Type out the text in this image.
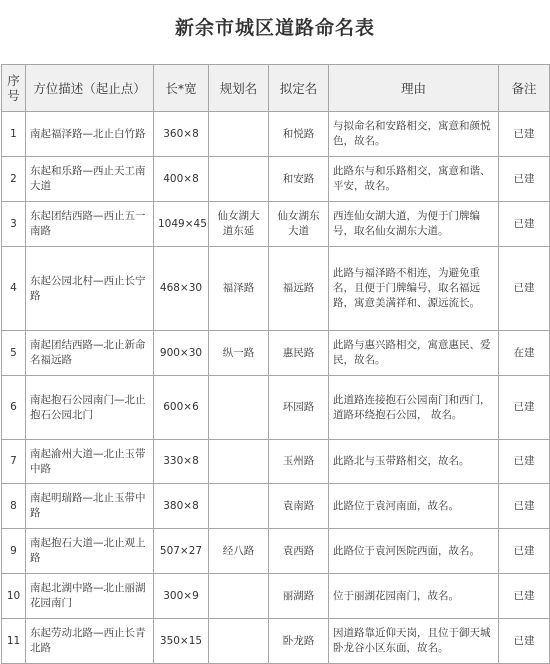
新余市城区道路命名表
序号	方位描述（起止点）	长*宽	规划名	拟定名	理由	备注
1	南起福泽路—北止白竹路	360×8		和悦路	与拟命名和安路相交，寓意和颜悦色，故名。	已建
2	东起和乐路—西止天工南大道	400×8		和安路	此路东与和乐路相交，寓意和谐、平安，故名。	已建
3	东起团结西路—西止五一南路	1049×45	仙女湖大道东延	仙女湖东大道	西连仙女湖大道，为便于门牌编号，取名仙女湖东大道。	已建
4	东起公园北村—西止长宁路	468×30	福泽路	福远路	此路与福泽路不相连，为避免重名，且便于门牌编号，取名福远路，寓意美满祥和、源远流长。	已建
5	南起团结西路—北止新命名福远路	900×30	纵一路	惠民路	此路与惠兴路相交，寓意惠民、爱民，故名。	在建
6	南起抱石公园南门—北止抱石公园北门	600×6		环园路	此道路连接抱石公园南门和西门，道路环绕抱石公园， 故名。	已建
7	南起渝州大道—北止玉带中路	330×8		玉州路	此路北与玉带路相交，故名。	已建
8	南起明瑞路—北止玉带中路	380×8		袁南路	此路位于袁河南面，故名。	已建
9	南起抱石大道—北止观上路	507×27	经八路	袁西路	此路位于袁河医院西面，故名。	已建
10	南起北湖中路—北止丽湖花园南门	300×9		丽湖路	位于丽湖花园南门，故名。	已建
11	东起劳动北路—西止长青北路	350×15		卧龙路	因道路靠近仰天岗，且位于御天城卧龙谷小区东面，故名。	已建
